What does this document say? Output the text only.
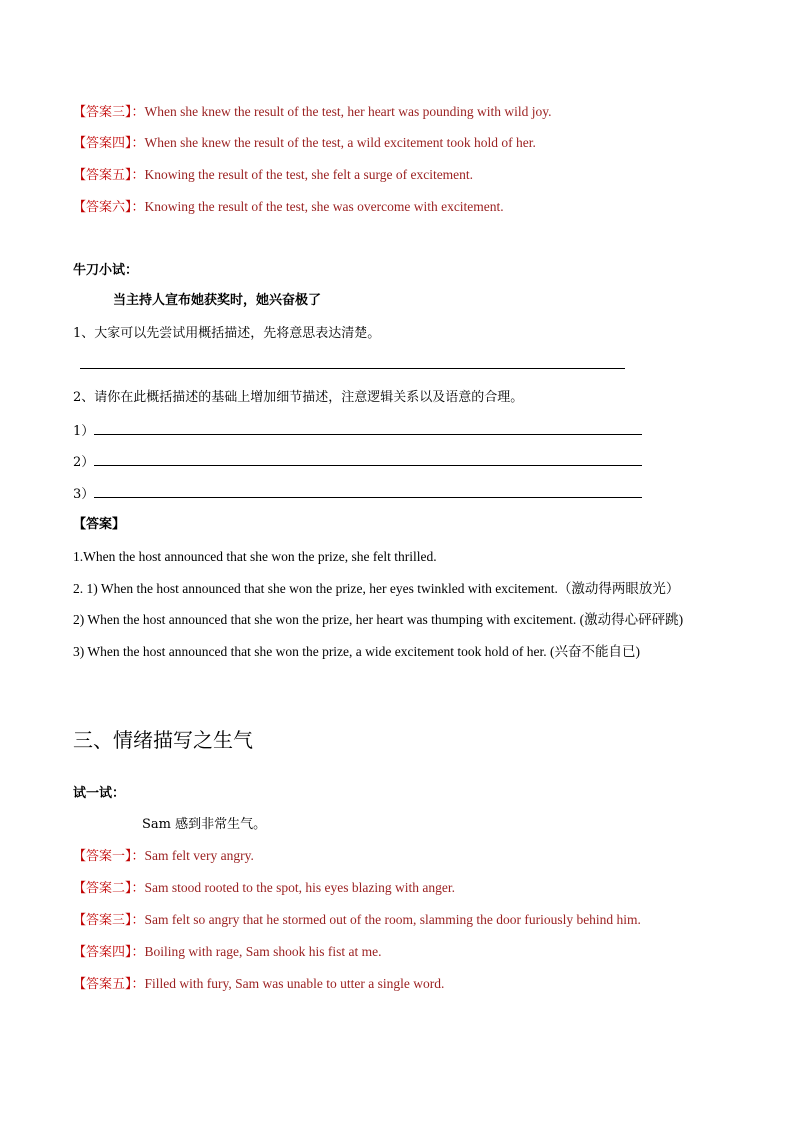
【答案三】：When she knew the result of the test, her heart was pounding with wild joy.
【答案四】：When she knew the result of the test, a wild excitement took hold of her.
【答案五】：Knowing the result of the test, she felt a surge of excitement.
【答案六】：Knowing the result of the test, she was overcome with excitement.
牛刀小试：
当主持人宣布她获奖时，她兴奋极了
1、大家可以先尝试用概括描述，先将意思表达清楚。
2、请你在此概括描述的基础上增加细节描述，注意逻辑关系以及语意的合理。
1）
2）
3）
【答案】
1.When the host announced that she won the prize, she felt thrilled.
2. 1) When the host announced that she won the prize, her eyes twinkled with excitement.（激动得两眼放光）
2) When the host announced that she won the prize, her heart was thumping with excitement. (激动得心砰砰跳)
3) When the host announced that she won the prize, a wide excitement took hold of her. (兴奋不能自已)
三、情绪描写之生气
试一试：
Sam 感到非常生气。
【答案一】：Sam felt very angry.
【答案二】：Sam stood rooted to the spot, his eyes blazing with anger.
【答案三】：Sam felt so angry that he stormed out of the room, slamming the door furiously behind him.
【答案四】：Boiling with rage, Sam shook his fist at me.
【答案五】：Filled with fury, Sam was unable to utter a single word.
